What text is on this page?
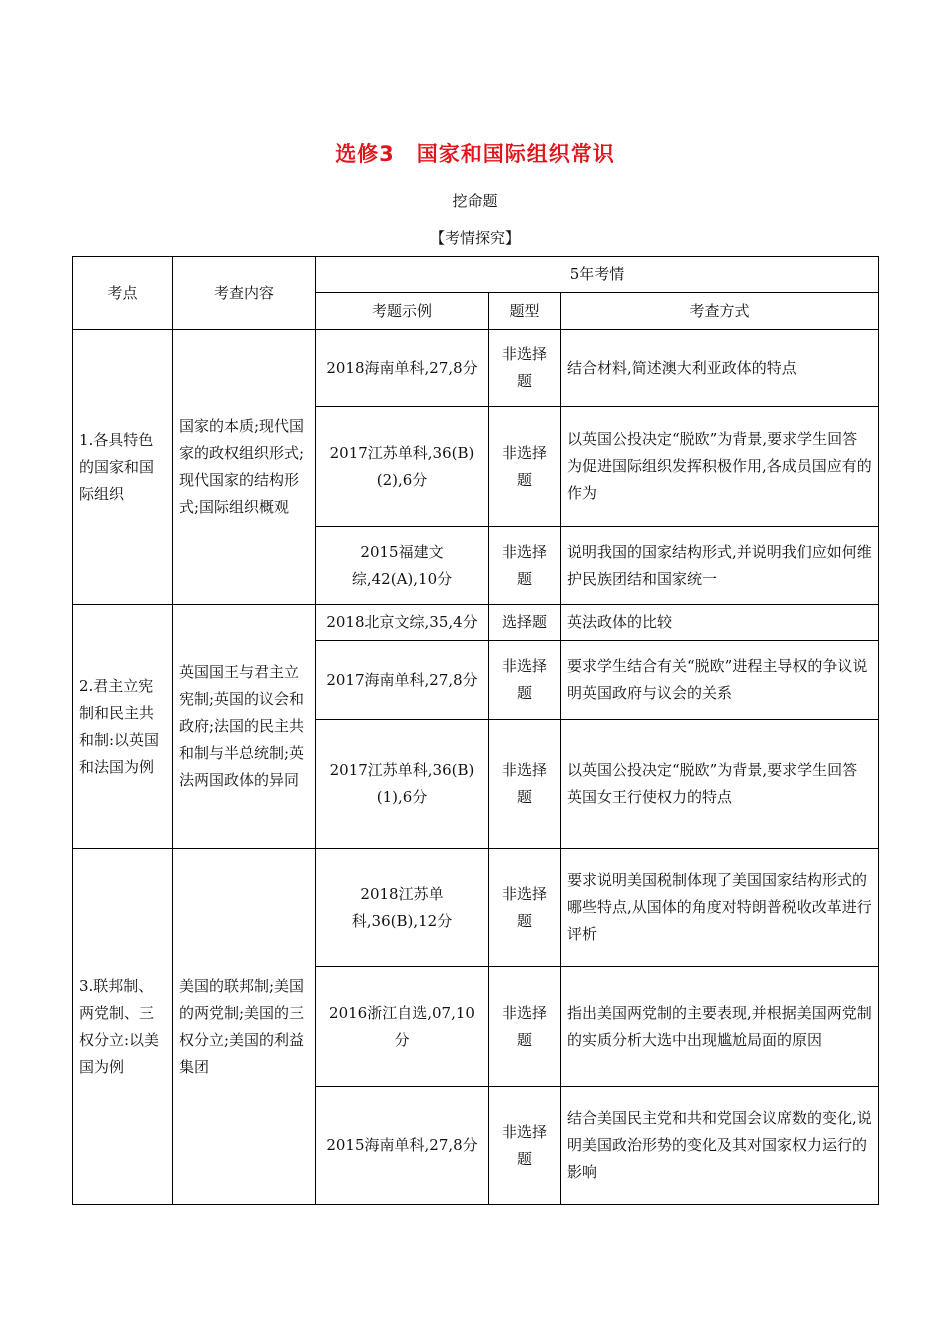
选修3　国家和国际组织常识
挖命题
【考情探究】
考点	考查内容	5年考情		
		考题示例	题型	考查方式
1.各具特色的国家和国际组织	国家的本质;现代国家的政权组织形式;现代国家的结构形式;国际组织概观	2018海南单科,27,8分	非选择题	结合材料,简述澳大利亚政体的特点
		2017江苏单科,36(B)(2),6分	非选择题	以英国公投决定“脱欧”为背景,要求学生回答为促进国际组织发挥积极作用,各成员国应有的作为
		2015福建文综,42(A),10分	非选择题	说明我国的国家结构形式,并说明我们应如何维护民族团结和国家统一
2.君主立宪制和民主共和制:以英国和法国为例	英国国王与君主立宪制;英国的议会和政府;法国的民主共和制与半总统制;英法两国政体的异同	2018北京文综,35,4分	选择题	英法政体的比较
		2017海南单科,27,8分	非选择题	要求学生结合有关“脱欧”进程主导权的争议说明英国政府与议会的关系
		2017江苏单科,36(B)(1),6分	非选择题	以英国公投决定“脱欧”为背景,要求学生回答英国女王行使权力的特点
3.联邦制、两党制、三权分立:以美国为例	美国的联邦制;美国的两党制;美国的三权分立;美国的利益集团	2018江苏单科,36(B),12分	非选择题	要求说明美国税制体现了美国国家结构形式的哪些特点,从国体的角度对特朗普税收改革进行评析
		2016浙江自选,07,10分	非选择题	指出美国两党制的主要表现,并根据美国两党制的实质分析大选中出现尴尬局面的原因
		2015海南单科,27,8分	非选择题	结合美国民主党和共和党国会议席数的变化,说明美国政治形势的变化及其对国家权力运行的影响
